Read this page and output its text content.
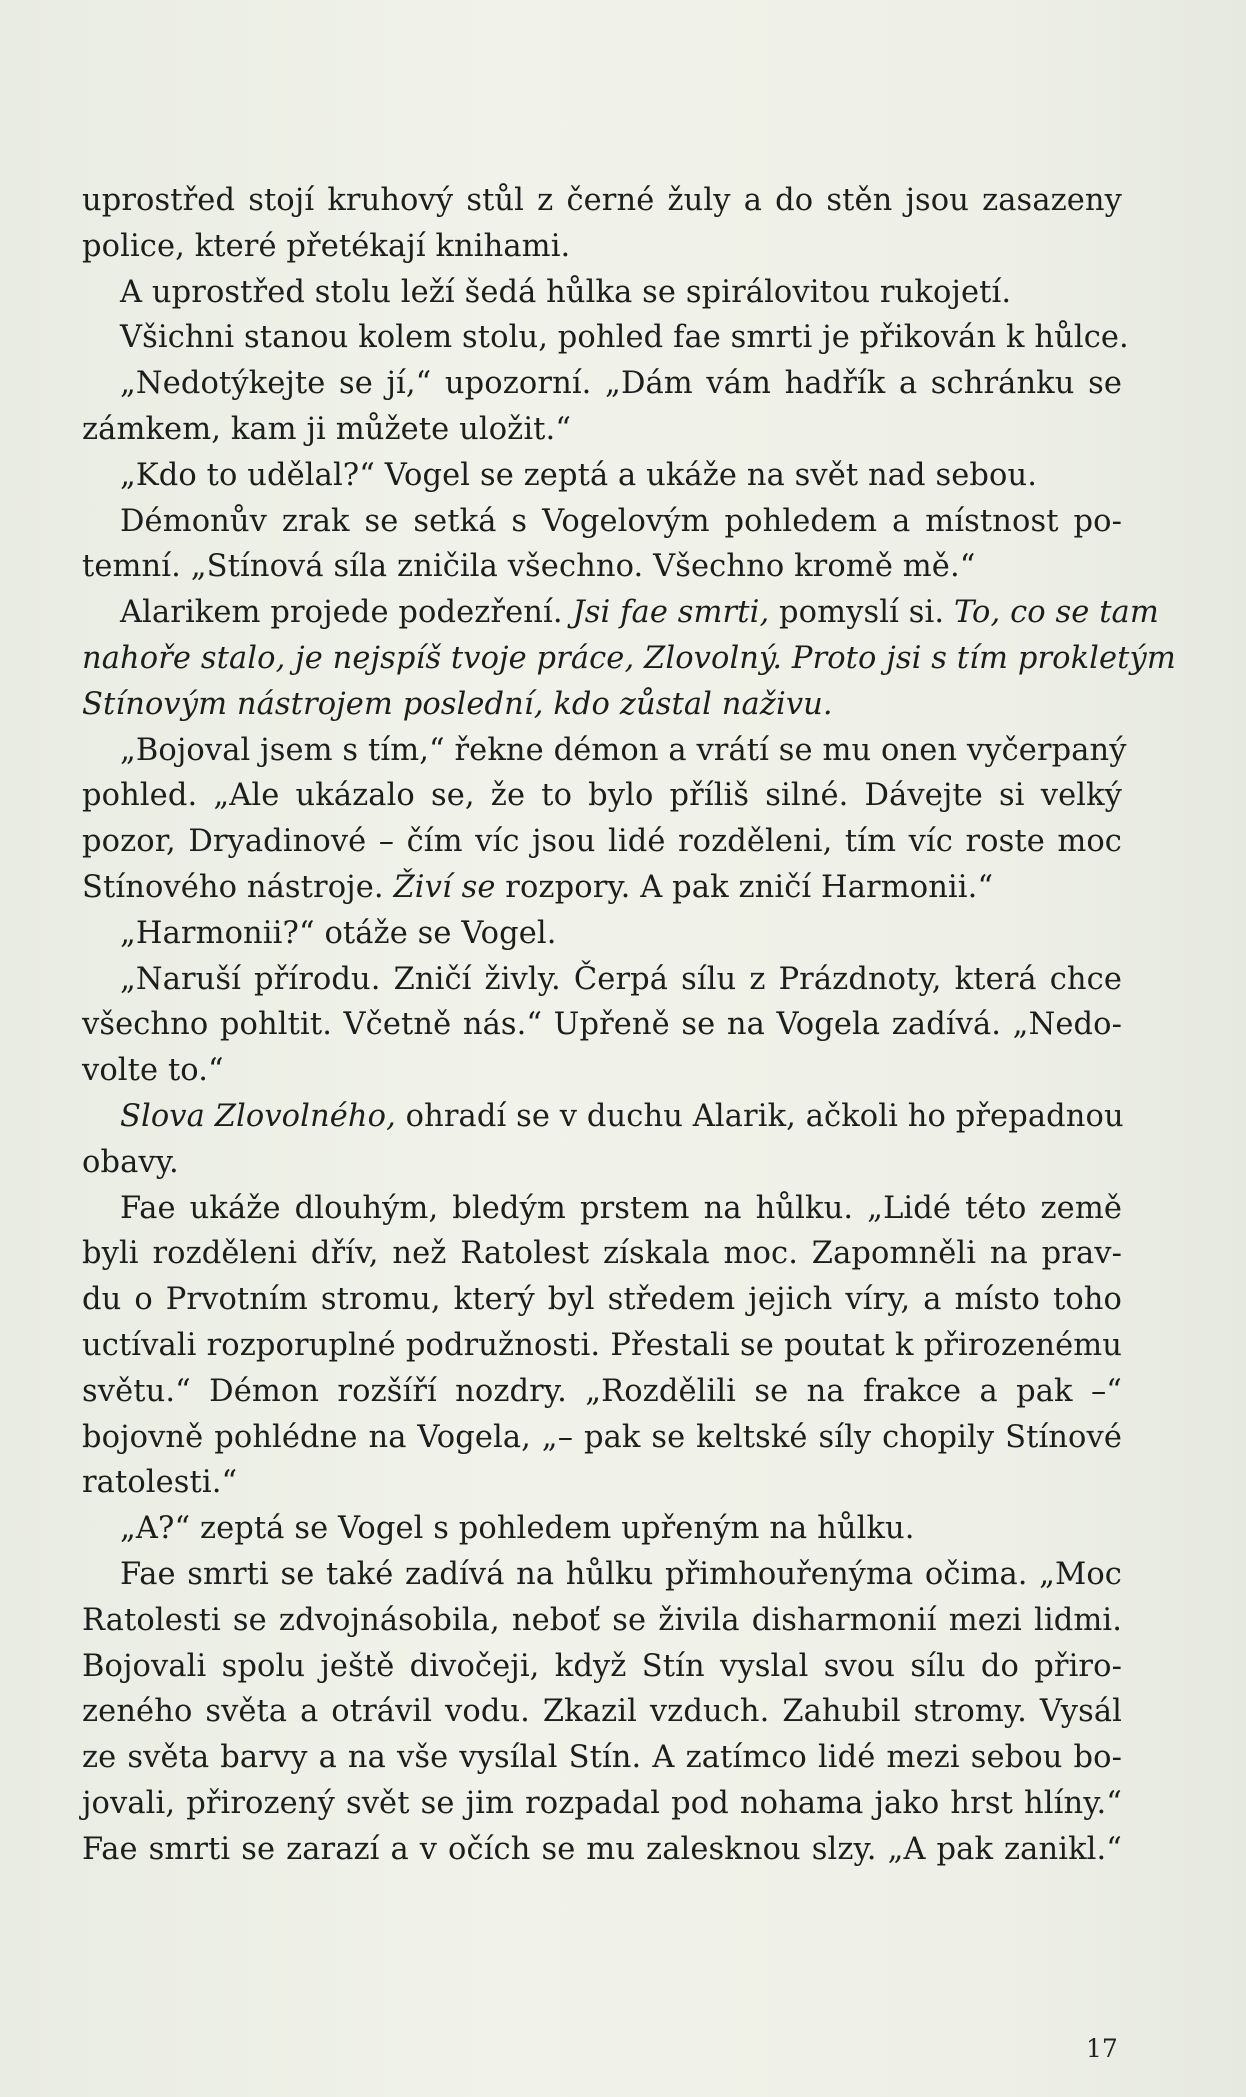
uprostřed stojí kruhový stůl z černé žuly a do stěn jsou zasazeny
police, které přetékají knihami.
A uprostřed stolu leží šedá hůlka se spirálovitou rukojetí.
Všichni stanou kolem stolu, pohled fae smrti je přikován k hůlce.
„Nedotýkejte se jí,“ upozorní. „Dám vám hadřík a schránku se
zámkem, kam ji můžete uložit.“
„Kdo to udělal?“ Vogel se zeptá a ukáže na svět nad sebou.
Démonův zrak se setká s Vogelovým pohledem a místnost po-
temní. „Stínová síla zničila všechno. Všechno kromě mě.“
Alarikem projede podezření. Jsi fae smrti, pomyslí si. To, co se tam
nahoře stalo, je nejspíš tvoje práce, Zlovolný. Proto jsi s tím prokletým
Stínovým nástrojem poslední, kdo zůstal naživu.
„Bojoval jsem s tím,“ řekne démon a vrátí se mu onen vyčerpaný
pohled. „Ale ukázalo se, že to bylo příliš silné. Dávejte si velký
pozor, Dryadinové – čím víc jsou lidé rozděleni, tím víc roste moc
Stínového nástroje. Živí se rozpory. A pak zničí Harmonii.“
„Harmonii?“ otáže se Vogel.
„Naruší přírodu. Zničí živly. Čerpá sílu z Prázdnoty, která chce
všechno pohltit. Včetně nás.“ Upřeně se na Vogela zadívá. „Nedo-
volte to.“
Slova Zlovolného, ohradí se v duchu Alarik, ačkoli ho přepadnou
obavy.
Fae ukáže dlouhým, bledým prstem na hůlku. „Lidé této země
byli rozděleni dřív, než Ratolest získala moc. Zapomněli na prav-
du o Prvotním stromu, který byl středem jejich víry, a místo toho
uctívali rozporuplné podružnosti. Přestali se poutat k přirozenému
světu.“ Démon rozšíří nozdry. „Rozdělili se na frakce a pak –“
bojovně pohlédne na Vogela, „– pak se keltské síly chopily Stínové
ratolesti.“
„A?“ zeptá se Vogel s pohledem upřeným na hůlku.
Fae smrti se také zadívá na hůlku přimhouřenýma očima. „Moc
Ratolesti se zdvojnásobila, neboť se živila disharmonií mezi lidmi.
Bojovali spolu ještě divočeji, když Stín vyslal svou sílu do přiro-
zeného světa a otrávil vodu. Zkazil vzduch. Zahubil stromy. Vysál
ze světa barvy a na vše vysílal Stín. A zatímco lidé mezi sebou bo-
jovali, přirozený svět se jim rozpadal pod nohama jako hrst hlíny.“
Fae smrti se zarazí a v očích se mu zalesknou slzy. „A pak zanikl.“
17
